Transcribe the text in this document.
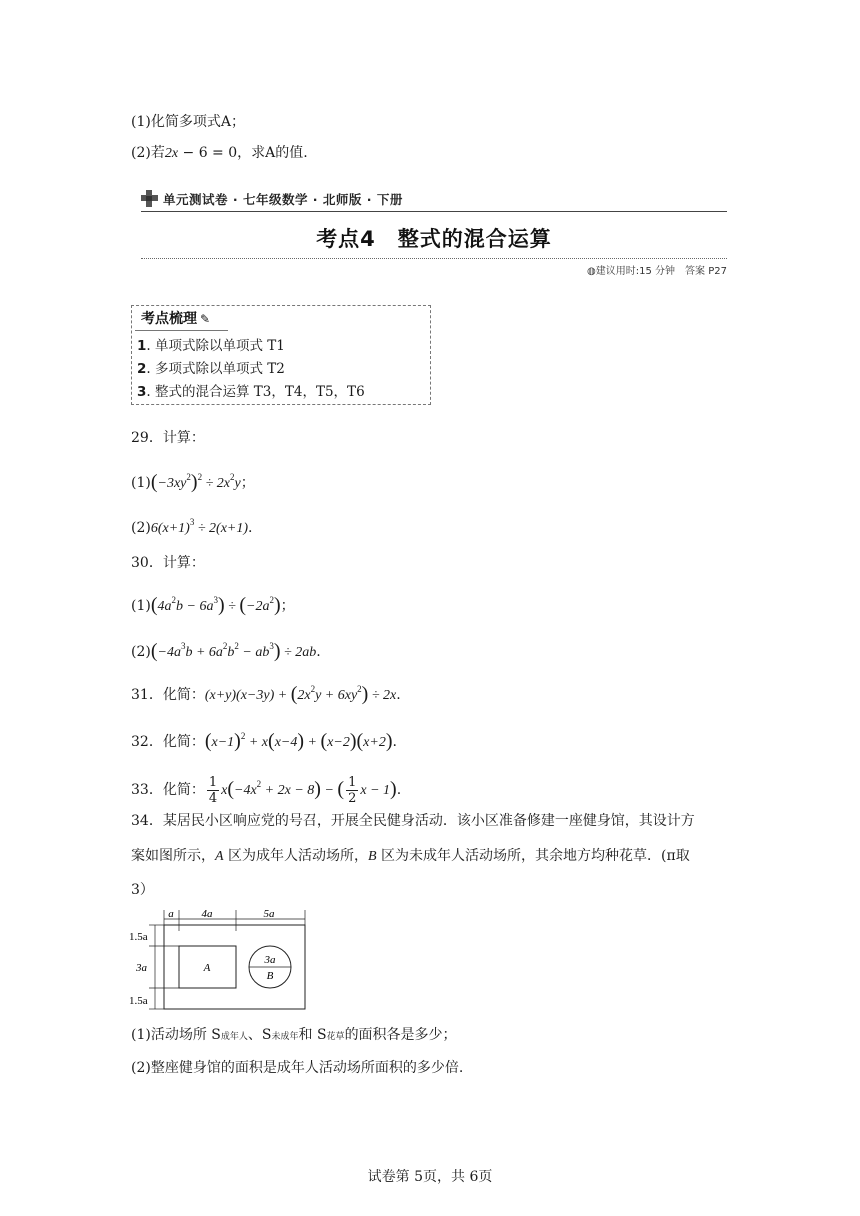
(1)化简多项式A；
(2)若2x − 6 = 0，求A的值.
单元测试卷 · 七年级数学 · 北师版 · 下册
考点4　整式的混合运算
◍建议用时:15 分钟　答案 P27
考点梳理 ✎
1. 单项式除以单项式 T1
2. 多项式除以单项式 T2
3. 整式的混合运算 T3，T4，T5，T6
29．计算：
$(1)(-3xy^2)^2 \div 2x^2y$；
$(2)6(x+1)^3 \div 2(x+1)$.
30．计算：
$(1)(4a^2b - 6a^3) \div (-2a^2)$；
$(2)(-4a^3b + 6a^2b^2 - ab^3) \div 2ab$.
31．化简：$(x+y)(x-3y) + (2x^2y + 6xy^2) \div 2x$.
32．化简：$(x-1)^2 + x(x-4) + (x-2)(x+2)$.
33．化简： $\frac{1}{4} x(-4x^2 + 2x - 8)$ − ( $\frac{1}{2}$ x − 1).
34．某居民小区响应党的号召，开展全民健身活动．该小区准备修建一座健身馆，其设计方
案如图所示，A 区为成年人活动场所，B 区为未成年人活动场所，其余地方均种花草．(π取
3）
a	4a	5a
1.5a
3a
1.5a
A
3a
B
(1)活动场所 S成年人、S未成年和 S花草的面积各是多少；
(2)整座健身馆的面积是成年人活动场所面积的多少倍.
试卷第 5页，共 6页
